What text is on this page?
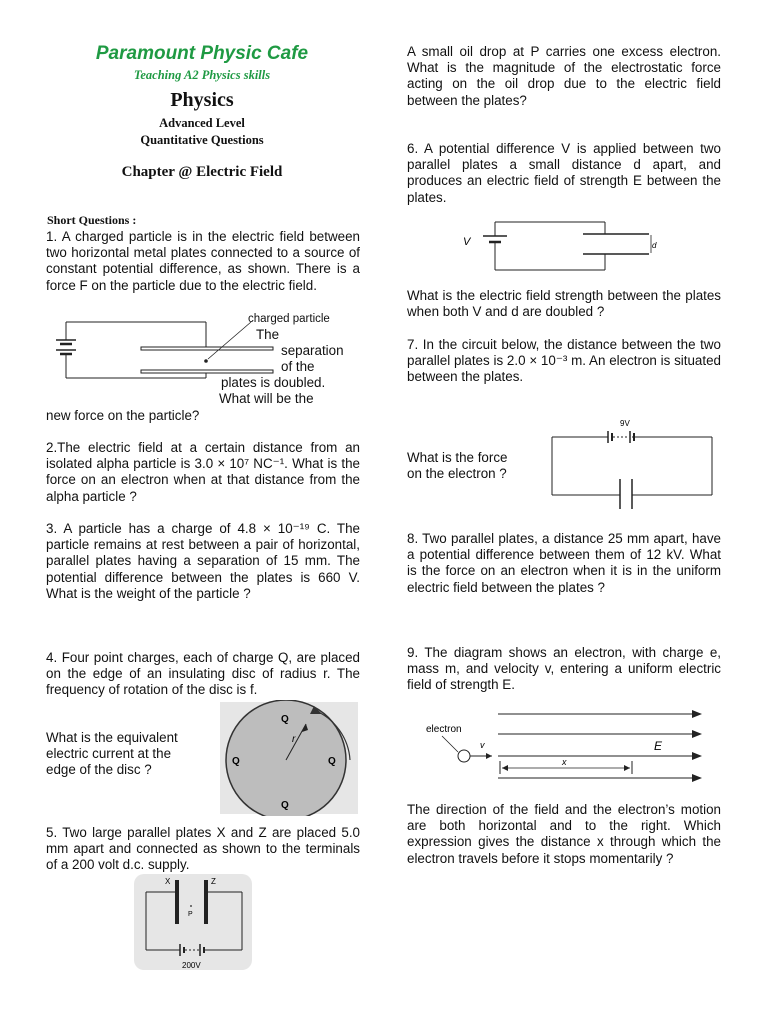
Paramount Physic Cafe
Teaching A2 Physics skills
Physics
Advanced Level
Quantitative Questions
Chapter @ Electric Field
Short Questions :

1. A charged particle is in the electric field between two horizontal metal plates connected to a source of constant potential difference, as shown. There is a force F on the particle due to the electric field.

charged particle
The
separation
of the
plates is doubled.
What will be the
new force on the particle?

2.The electric field at a certain distance from an isolated alpha particle is 3.0 × 10⁷ NC⁻¹. What is the force on an electron when at that distance from the alpha particle ?

3. A particle has a charge of 4.8 × 10⁻¹⁹ C. The particle remains at rest between a pair of horizontal, parallel plates having a separation of 15 mm. The potential difference between the plates is 660 V. What is the weight of the particle ?

4. Four point charges, each of charge Q, are placed on the edge of an insulating disc of radius r. The frequency of rotation of the disc is f.

What is the equivalent
electric current at the
edge of the disc ?
r
Q
Q	Q
Q

5. Two large parallel plates X and Z are placed 5.0 mm apart and connected as shown to the terminals of a 200 volt d.c. supply.

X	Z
P
200V

A small oil drop at P carries one excess electron. What is the magnitude of the electrostatic force acting on the oil drop due to the electric field between the plates?

6. A potential difference V is applied between two parallel plates a small distance d apart, and produces an electric field of strength E between the plates.

V	d

What is the electric field strength between the plates when both V and d are doubled ?

7. In the circuit below, the distance between the two parallel plates is 2.0 × 10⁻³ m. An electron is situated between the plates.

What is the force
on the electron ?
9V

8. Two parallel plates, a distance 25 mm apart, have a potential difference between them of 12 kV. What is the force on an electron when it is in the uniform electric field between the plates ?

9. The diagram shows an electron, with charge e, mass m, and velocity v, entering a uniform electric field of strength E.

electron
v	E
x

The direction of the field and the electron’s motion are both horizontal and to the right. Which expression gives the distance x through which the electron travels before it stops momentarily ?
